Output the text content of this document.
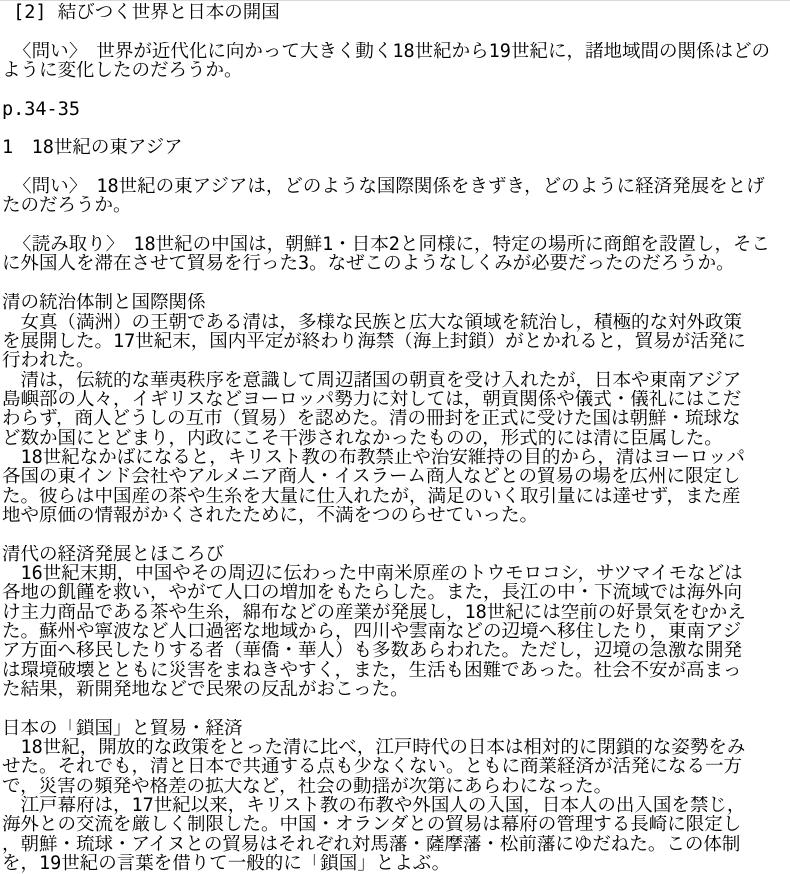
[2] 結びつく世界と日本の開国

〈問い〉　世界が近代化に向かって大きく動く18世紀から19世紀に，諸地域間の関係はどの
ように変化したのだろうか。

p.34-35

1　18世紀の東アジア

〈問い〉　18世紀の東アジアは，どのような国際関係をきずき，どのように経済発展をとげ
たのだろうか。

〈読み取り〉　18世紀の中国は，朝鮮1・日本2と同様に，特定の場所に商館を設置し，そこ
に外国人を滞在させて貿易を行った3。なぜこのようなしくみが必要だったのだろうか。

清の統治体制と国際関係
　女真（満洲）の王朝である清は，多様な民族と広大な領域を統治し，積極的な対外政策
を展開した。17世紀末，国内平定が終わり海禁（海上封鎖）がとかれると，貿易が活発に
行われた。
　清は，伝統的な華夷秩序を意識して周辺諸国の朝貢を受け入れたが，日本や東南アジア
島嶼部の人々，イギリスなどヨーロッパ勢力に対しては，朝貢関係や儀式・儀礼にはこだ
わらず，商人どうしの互市（貿易）を認めた。清の冊封を正式に受けた国は朝鮮・琉球な
ど数か国にとどまり，内政にこそ干渉されなかったものの，形式的には清に臣属した。
　18世紀なかばになると，キリスト教の布教禁止や治安維持の目的から，清はヨーロッパ
各国の東インド会社やアルメニア商人・イスラーム商人などとの貿易の場を広州に限定し
た。彼らは中国産の茶や生糸を大量に仕入れたが，満足のいく取引量には達せず，また産
地や原価の情報がかくされたために，不満をつのらせていった。

清代の経済発展とほころび
　16世紀末期，中国やその周辺に伝わった中南米原産のトウモロコシ，サツマイモなどは
各地の飢饉を救い，やがて人口の増加をもたらした。また，長江の中・下流域では海外向
け主力商品である茶や生糸，綿布などの産業が発展し，18世紀には空前の好景気をむかえ
た。蘇州や寧波など人口過密な地域から，四川や雲南などの辺境へ移住したり，東南アジ
ア方面へ移民したりする者（華僑・華人）も多数あらわれた。ただし，辺境の急激な開発
は環境破壊とともに災害をまねきやすく，また，生活も困難であった。社会不安が高まっ
た結果，新開発地などで民衆の反乱がおこった。

日本の「鎖国」と貿易・経済
　18世紀，開放的な政策をとった清に比べ，江戸時代の日本は相対的に閉鎖的な姿勢をみ
せた。それでも，清と日本で共通する点も少なくない。ともに商業経済が活発になる一方
で，災害の頻発や格差の拡大など，社会の動揺が次第にあらわになった。
　江戸幕府は，17世紀以来，キリスト教の布教や外国人の入国，日本人の出入国を禁じ，
海外との交流を厳しく制限した。中国・オランダとの貿易は幕府の管理する長崎に限定し
，朝鮮・琉球・アイヌとの貿易はそれぞれ対馬藩・薩摩藩・松前藩にゆだねた。この体制
を，19世紀の言葉を借りて一般的に「鎖国」とよぶ。
